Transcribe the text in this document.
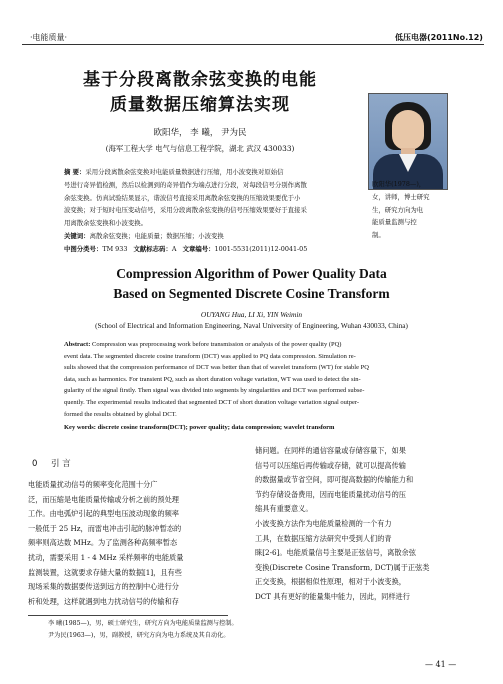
·电能质量·	低压电器(2011No.12)
基于分段离散余弦变换的电能
质量数据压缩算法实现
欧阳华， 李 曦， 尹为民
(海军工程大学 电气与信息工程学院，湖北 武汉 430033)
欧阳华(1978—)，
女，讲师，博士研究
生，研究方向为电
能质量监测与控
制。
摘 要：采用分段离散余弦变换对电能质量数据进行压缩，用小波变换对原始信
号进行奇异值检测，然后以检测到的奇异值作为端点进行分段，对每段信号分别作离散
余弦变换。仿真试验结果显示，谐波信号直接采用离散余弦变换的压缩效果要优于小
波变换；对于短时电压变动信号，采用分段离散余弦变换的信号压缩效果要好于直接采
用离散余弦变换和小波变换。
关键词：离散余弦变换；电能质量；数据压缩；小波变换
中图分类号：TM 933 文献标志码：A 文章编号：1001-5531(2011)12-0041-05
Compression Algorithm of Power Quality Data
Based on Segmented Discrete Cosine Transform
OUYANG Hua, LI Xi, YIN Weimin
(School of Electrical and Information Engineering, Naval University of Engineering, Wuhan 430033, China)
Abstract: Compression was preprocessing work before transmission or analysis of the power quality (PQ)
event data. The segmented discrete cosine transform (DCT) was applied to PQ data compression. Simulation re-
sults showed that the compression performance of DCT was better than that of wavelet transform (WT) for stable PQ
data, such as harmonics. For transient PQ, such as short duration voltage variation, WT was used to detect the sin-
gularity of the signal firstly. Then signal was divided into segments by singularities and DCT was performed subse-
quently. The experimental results indicated that segmented DCT of short duration voltage variation signal outper-
formed the results obtained by global DCT.
Key words: discrete cosine transform(DCT); power quality; data compression; wavelet transform
0 引 言
电能质量扰动信号的频率变化范围十分广
泛，而压缩是电能质量传输或分析之前的预处理
工作。由电弧炉引起的典型电压波动现象的频率
一般低于 25 Hz，而雷电冲击引起的脉冲暂态的
频率则高达数 MHz。为了监测各种高频率暂态
扰动，需要采用 1 - 4 MHz 采样频率的电能质量
监测装置，这就要求存储大量的数据[1]，且有些
现场采集的数据要传送到远方的控制中心进行分
析和处理，这样就遇到电力扰动信号的传输和存
储问题。在同样的通信容量或存储容量下，如果
信号可以压缩后再传输或存储，就可以提高传输
的数据量或节省空间，即可提高数据的传输能力和
节约存储设备费用，因而电能质量扰动信号的压
缩具有重要意义。
小波变换方法作为电能质量检测的一个有力
工具，在数据压缩方法研究中受到人们的青
睐[2-6]。电能质量信号主要是正弦信号，离散余弦
变换(Discrete Cosine Transform, DCT)属于正弦类
正交变换，根据相似性原理，相对于小波变换，
DCT 具有更好的能量集中能力，因此，同样进行
李 曦(1985—)，男，硕士研究生，研究方向为电能质量监测与控制。
尹为民(1963—)，男，副教授，研究方向为电力系统及其自动化。
— 41 —
